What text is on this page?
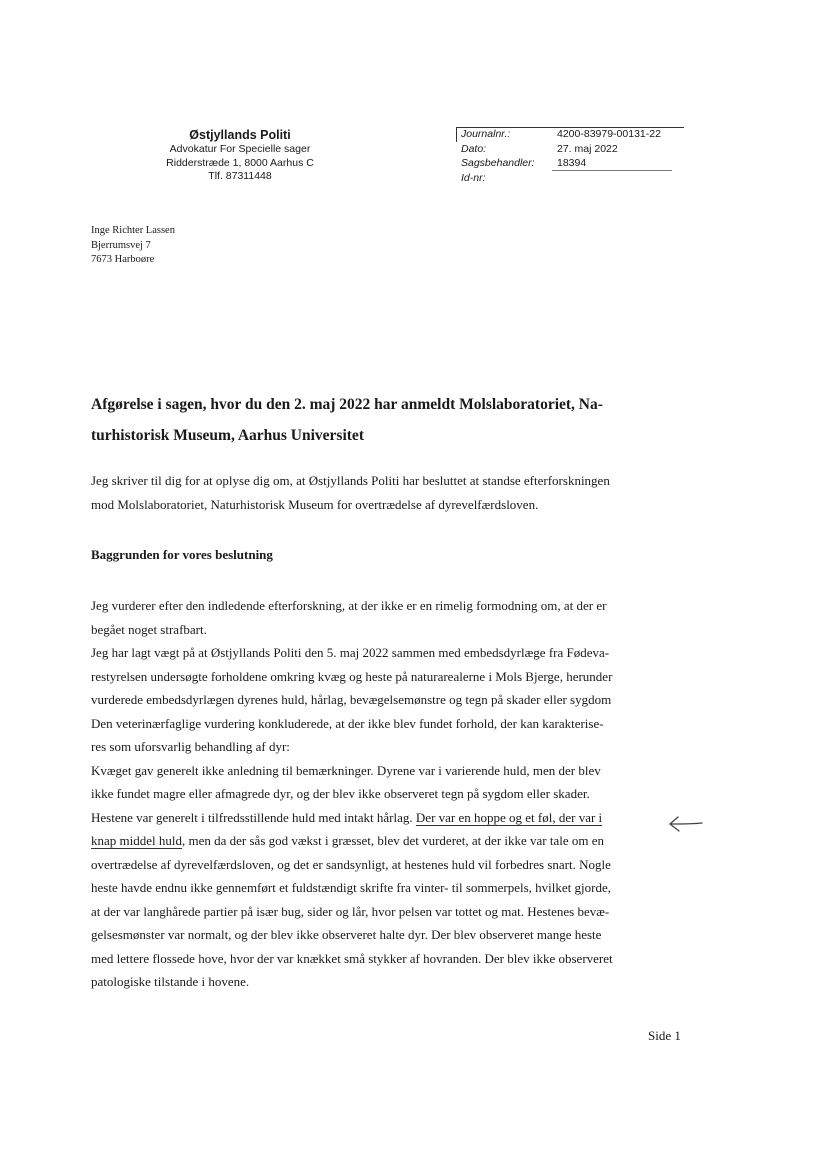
Østjyllands Politi
Advokatur For Specielle sager
Ridderstræde 1, 8000 Aarhus C
Tlf. 87311448
Journalnr.:	4200-83979-00131-22
Dato:	27. maj 2022
Sagsbehandler:	18394
Id-nr:
Inge Richter Lassen
Bjerrumsvej 7
7673 Harboøre
Afgørelse i sagen, hvor du den 2. maj 2022 har anmeldt Molslaboratoriet, Na-
turhistorisk Museum, Aarhus Universitet
Jeg skriver til dig for at oplyse dig om, at Østjyllands Politi har besluttet at standse efterforskningen
mod Molslaboratoriet, Naturhistorisk Museum for overtrædelse af dyrevelfærdsloven.
Baggrunden for vores beslutning
Jeg vurderer efter den indledende efterforskning, at der ikke er en rimelig formodning om, at der er
begået noget strafbart.
Jeg har lagt vægt på at Østjyllands Politi den 5. maj 2022 sammen med embedsdyrlæge fra Fødeva-
restyrelsen undersøgte forholdene omkring kvæg og heste på naturarealerne i Mols Bjerge, herunder
vurderede embedsdyrlægen dyrenes huld, hårlag, bevægelsemønstre og tegn på skader eller sygdom
Den veterinærfaglige vurdering konkluderede, at der ikke blev fundet forhold, der kan karakterise-
res som uforsvarlig behandling af dyr:
Kvæget gav generelt ikke anledning til bemærkninger. Dyrene var i varierende huld, men der blev
ikke fundet magre eller afmagrede dyr, og der blev ikke observeret tegn på sygdom eller skader.
Hestene var generelt i tilfredsstillende huld med intakt hårlag. Der var en hoppe og et føl, der var i
knap middel huld, men da der sås god vækst i græsset, blev det vurderet, at der ikke var tale om en
overtrædelse af dyrevelfærdsloven, og det er sandsynligt, at hestenes huld vil forbedres snart. Nogle
heste havde endnu ikke gennemført et fuldstændigt skrifte fra vinter- til sommerpels, hvilket gjorde,
at der var langhårede partier på især bug, sider og lår, hvor pelsen var tottet og mat. Hestenes bevæ-
gelsesmønster var normalt, og der blev ikke observeret halte dyr. Der blev observeret mange heste
med lettere flossede hove, hvor der var knækket små stykker af hovranden. Der blev ikke observeret
patologiske tilstande i hovene.
Side 1
